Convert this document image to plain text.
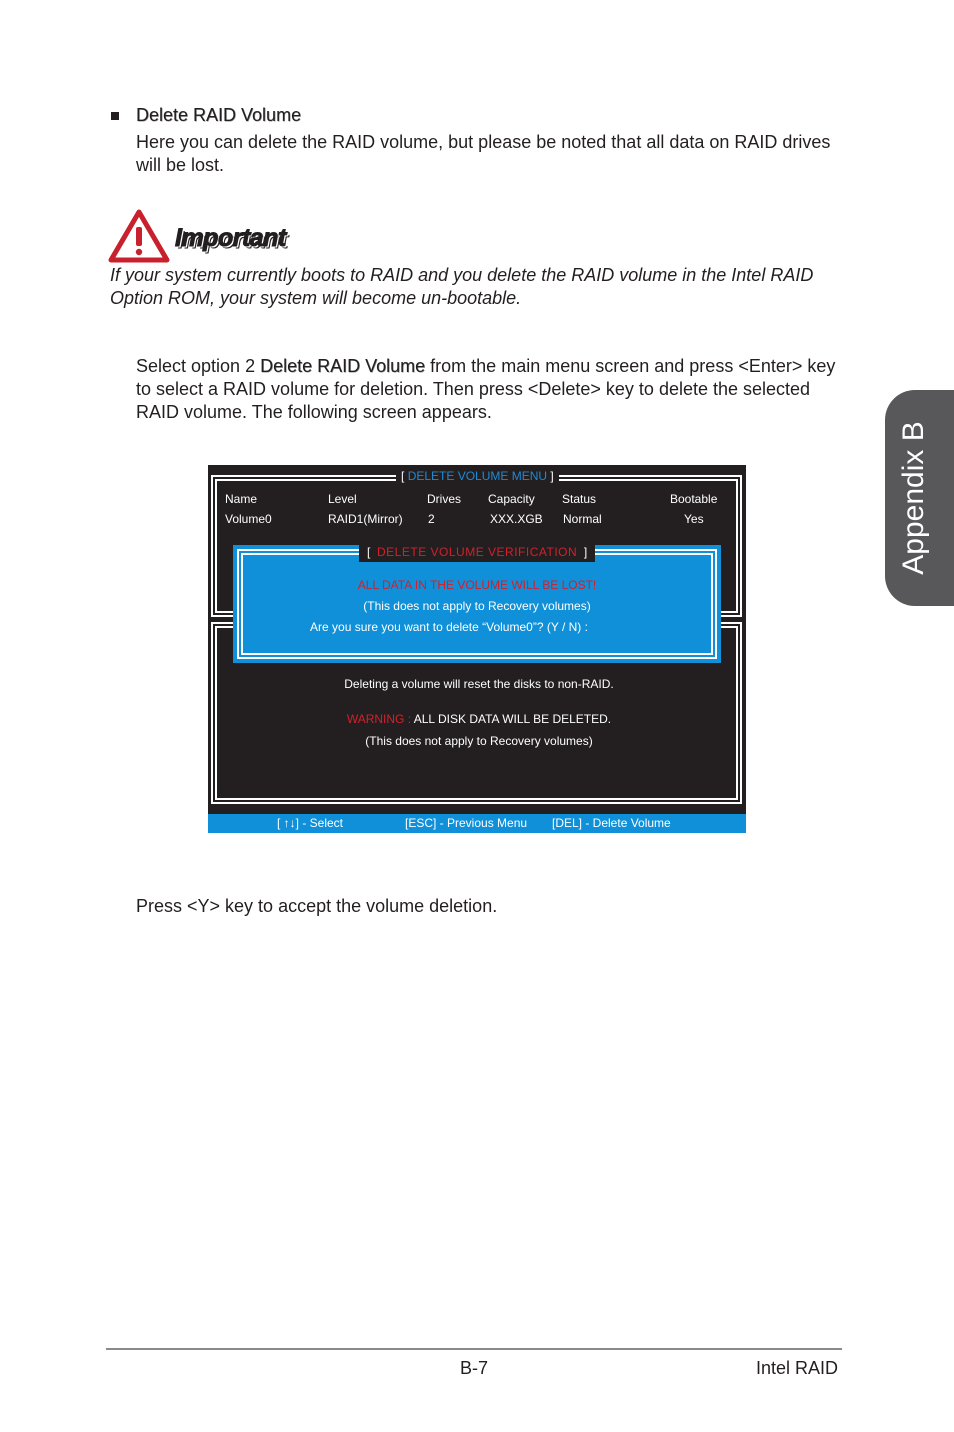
Delete RAID Volume
Here you can delete the RAID volume, but please be noted that all data on RAID drives will be lost.
Important
If your system currently boots to RAID and you delete the RAID volume in the Intel RAID Option ROM, your system will become un-bootable.
Select option 2 Delete RAID Volume from the main menu screen and press <Enter> key to select a RAID volume for deletion. Then press <Delete> key to delete the selected RAID volume. The following screen appears.
[ DELETE VOLUME MENU ]
Name	Level	Drives Capacity Status	Bootable
Volume0	RAID1(Mirror) 2	XXX.XGB Normal	Yes
[ DELETE VOLUME VERIFICATION ]
ALL DATA IN THE VOLUME WILL BE LOST!
(This does not apply to Recovery volumes)
Are you sure you want to delete “Volume0”? (Y / N) :
Deleting a volume will reset the disks to non-RAID.
WARNING : ALL DISK DATA WILL BE DELETED.
(This does not apply to Recovery volumes)
[ ↑↓] - Select	[ESC] - Previous Menu [DEL] - Delete Volume
Press <Y> key to accept the volume deletion.
Appendix B
B-7	Intel RAID
